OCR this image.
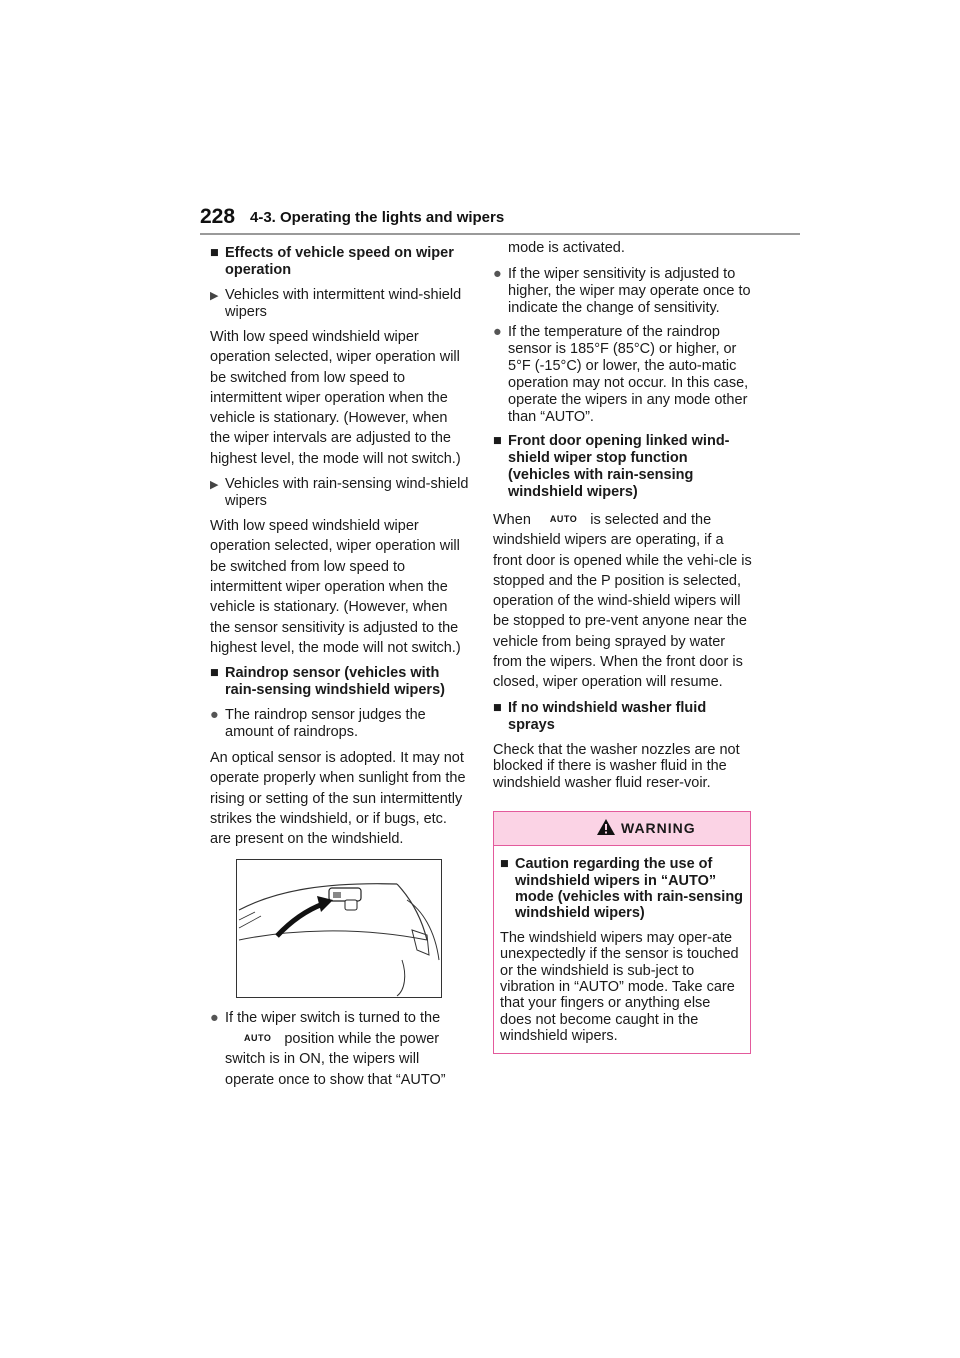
228 4-3. Operating the lights and wipers
■ Effects of vehicle speed on wiper operation
▶ Vehicles with intermittent wind-shield wipers
With low speed windshield wiper operation selected, wiper operation will be switched from low speed to intermittent wiper operation when the vehicle is stationary. (However, when the wiper intervals are adjusted to the highest level, the mode will not switch.)
▶ Vehicles with rain-sensing wind-shield wipers
With low speed windshield wiper operation selected, wiper operation will be switched from low speed to intermittent wiper operation when the vehicle is stationary. (However, when the sensor sensitivity is adjusted to the highest level, the mode will not switch.)
■ Raindrop sensor (vehicles with rain-sensing windshield wipers)
● The raindrop sensor judges the amount of raindrops.
An optical sensor is adopted. It may not operate properly when sunlight from the rising or setting of the sun intermittently strikes the windshield, or if bugs, etc. are present on the windshield.
● If the wiper switch is turned to the
AUTO position while the power switch is in ON, the wipers will operate once to show that “AUTO”
mode is activated.
● If the wiper sensitivity is adjusted to higher, the wiper may operate once to indicate the change of sensitivity.
● If the temperature of the raindrop sensor is 185°F (85°C) or higher, or 5°F (-15°C) or lower, the auto-matic operation may not occur. In this case, operate the wipers in any mode other than “AUTO”.
■ Front door opening linked wind-shield wiper stop function (vehicles with rain-sensing windshield wipers)
When AUTO is selected and the windshield wipers are operating, if a front door is opened while the vehi-cle is stopped and the P position is selected, operation of the wind-shield wipers will be stopped to pre-vent anyone near the vehicle from being sprayed by water from the wipers. When the front door is closed, wiper operation will resume.
■ If no windshield washer fluid sprays
Check that the washer nozzles are not blocked if there is washer fluid in the windshield washer fluid reser-voir.
WARNING
■ Caution regarding the use of windshield wipers in “AUTO” mode (vehicles with rain-sensing windshield wipers)
The windshield wipers may oper-ate unexpectedly if the sensor is touched or the windshield is sub-ject to vibration in “AUTO” mode. Take care that your fingers or anything else does not become caught in the windshield wipers.
